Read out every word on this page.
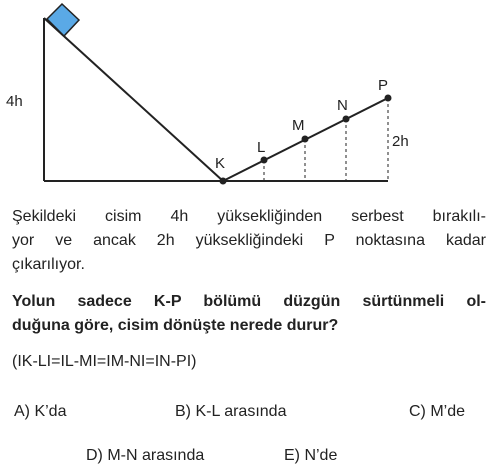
4h
2h
K
L
M
N
P
Şekildeki cisim 4h yüksekliğinden serbest bırakılı-
yor ve ancak 2h yüksekliğindeki P noktasına kadar
çıkarılıyor.
Yolun sadece K-P bölümü düzgün sürtünmeli ol-
duğuna göre, cisim dönüşte nerede durur?
(IK-LI=IL-MI=IM-NI=IN-PI)
A) K’da	B) K-L arasında	C) M’de
D) M-N arasında	E) N’de
